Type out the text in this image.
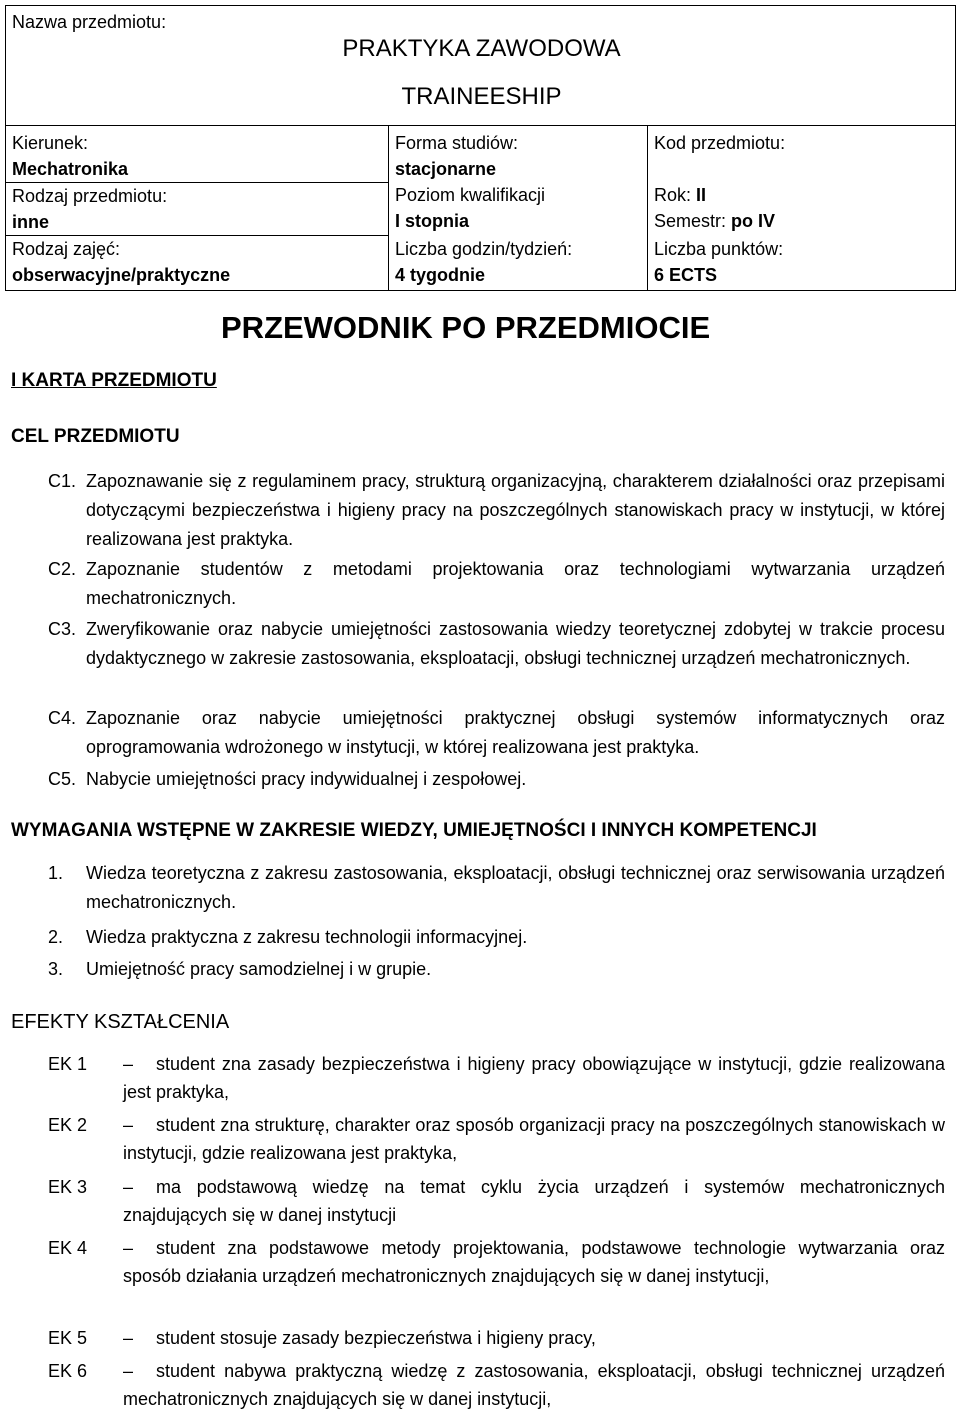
Nazwa przedmiotu:
PRAKTYKA ZAWODOWA
TRAINEESHIP

Kierunek:
Mechatronika

Forma studiów:
stacjonarne
Poziom kwalifikacji
I stopnia
Liczba godzin/tydzień:
4 tygodnie

Kod przedmiotu:
Rok: II
Semestr: po IV
Liczba punktów:
6 ECTS

Rodzaj przedmiotu:
inne

Rodzaj zajęć:
obserwacyjne/praktyczne
PRZEWODNIK PO PRZEDMIOCIE
I KARTA PRZEDMIOTU
CEL PRZEDMIOTU
C1. Zapoznawanie się z regulaminem pracy, strukturą organizacyjną, charakterem działalności oraz przepisami dotyczącymi bezpieczeństwa i higieny pracy na poszczególnych stanowiskach pracy w instytucji, w której realizowana jest praktyka.
C2. Zapoznanie studentów z metodami projektowania oraz technologiami wytwarzania urządzeń mechatronicznych.
C3. Zweryfikowanie oraz nabycie umiejętności zastosowania wiedzy teoretycznej zdobytej w trakcie procesu dydaktycznego w zakresie zastosowania, eksploatacji, obsługi technicznej urządzeń mechatronicznych.
C4. Zapoznanie oraz nabycie umiejętności praktycznej obsługi systemów informatycznych oraz oprogramowania wdrożonego w instytucji, w której realizowana jest praktyka.
C5. Nabycie umiejętności pracy indywidualnej i zespołowej.
WYMAGANIA WSTĘPNE W ZAKRESIE WIEDZY, UMIEJĘTNOŚCI I INNYCH KOMPETENCJI
1. Wiedza teoretyczna z zakresu zastosowania, eksploatacji, obsługi technicznej oraz serwisowania urządzeń mechatronicznych.
2. Wiedza praktyczna z zakresu technologii informacyjnej.
3. Umiejętność pracy samodzielnej i w grupie.
EFEKTY KSZTAŁCENIA
EK 1 – student zna zasady bezpieczeństwa i higieny pracy obowiązujące w instytucji, gdzie realizowana jest praktyka,
EK 2 – student zna strukturę, charakter oraz sposób organizacji pracy na poszczególnych stanowiskach w instytucji, gdzie realizowana jest praktyka,
EK 3 – ma podstawową wiedzę na temat cyklu życia urządzeń i systemów mechatronicznych znajdujących się w danej instytucji
EK 4 – student zna podstawowe metody projektowania, podstawowe technologie wytwarzania oraz sposób działania urządzeń mechatronicznych znajdujących się w danej instytucji,
EK 5 – student stosuje zasady bezpieczeństwa i higieny pracy,
EK 6 – student nabywa praktyczną wiedzę z zastosowania, eksploatacji, obsługi technicznej urządzeń mechatronicznych znajdujących się w danej instytucji,
